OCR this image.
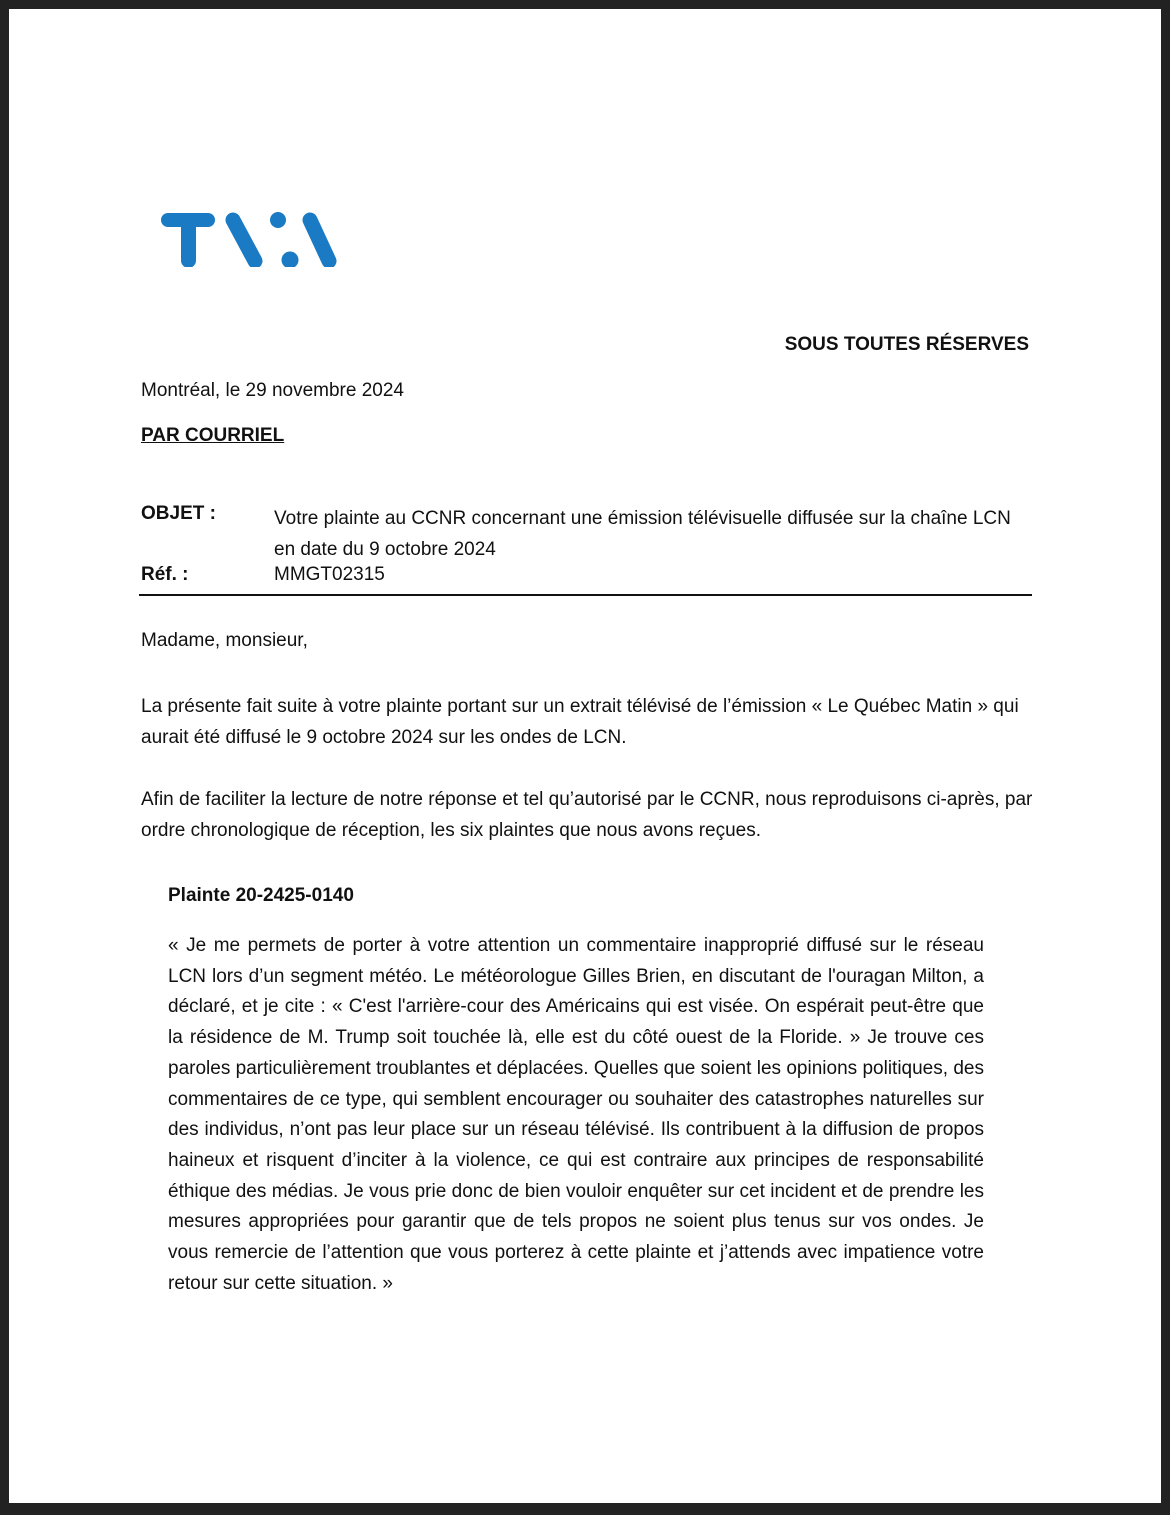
SOUS TOUTES RÉSERVES
Montréal, le 29 novembre 2024
PAR COURRIEL
OBJET :	Votre plainte au CCNR concernant une émission télévisuelle diffusée sur la chaîne LCN en date du 9 octobre 2024
Réf. :	MMGT02315
Madame, monsieur,
La présente fait suite à votre plainte portant sur un extrait télévisé de l’émission « Le Québec Matin » qui aurait été diffusé le 9 octobre 2024 sur les ondes de LCN.
Afin de faciliter la lecture de notre réponse et tel qu’autorisé par le CCNR, nous reproduisons ci-après, par ordre chronologique de réception, les six plaintes que nous avons reçues.
Plainte 20-2425-0140
« Je me permets de porter à votre attention un commentaire inapproprié diffusé sur le réseau LCN lors d’un segment météo. Le météorologue Gilles Brien, en discutant de l'ouragan Milton, a déclaré, et je cite : « C'est l'arrière-cour des Américains qui est visée. On espérait peut-être que la résidence de M. Trump soit touchée là, elle est du côté ouest de la Floride. » Je trouve ces paroles particulièrement troublantes et déplacées. Quelles que soient les opinions politiques, des commentaires de ce type, qui semblent encourager ou souhaiter des catastrophes naturelles sur des individus, n’ont pas leur place sur un réseau télévisé. Ils contribuent à la diffusion de propos haineux et risquent d’inciter à la violence, ce qui est contraire aux principes de responsabilité éthique des médias. Je vous prie donc de bien vouloir enquêter sur cet incident et de prendre les mesures appropriées pour garantir que de tels propos ne soient plus tenus sur vos ondes. Je vous remercie de l’attention que vous porterez à cette plainte et j’attends avec impatience votre retour sur cette situation. »
